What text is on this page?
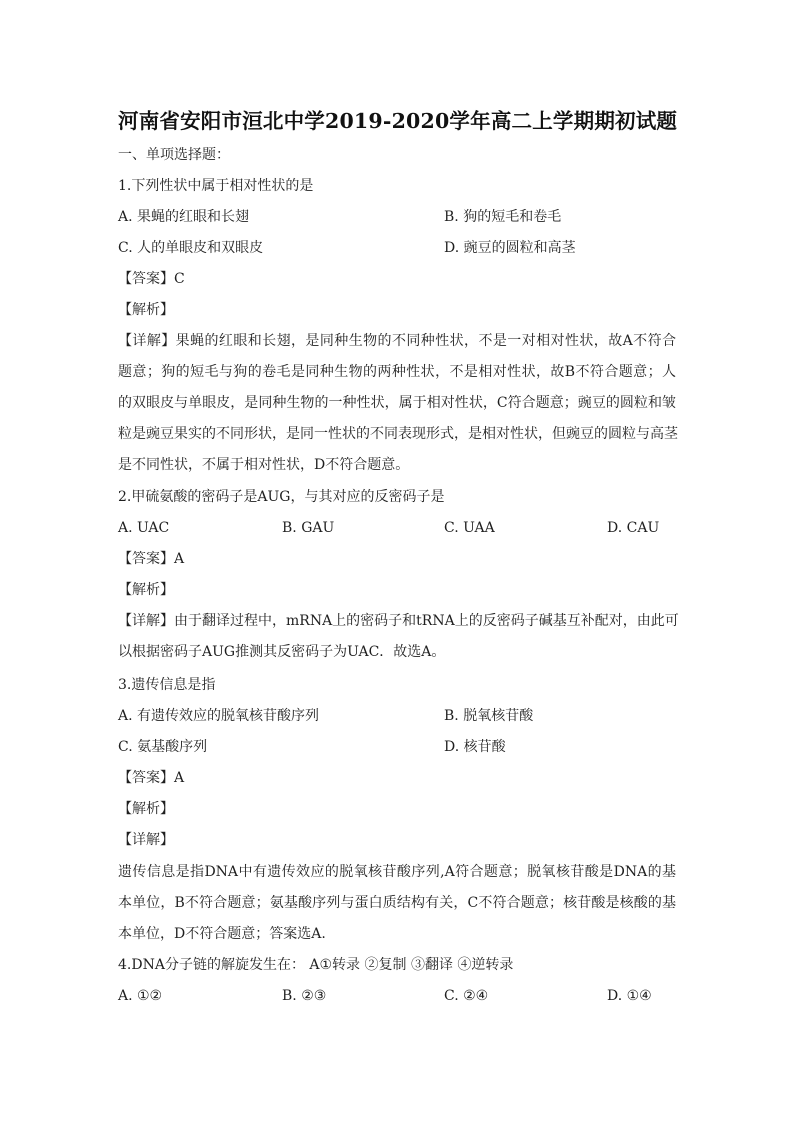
河南省安阳市洹北中学2019-2020学年高二上学期期初试题
一、单项选择题：
1.下列性状中属于相对性状的是
A. 果蝇的红眼和长翅	B. 狗的短毛和卷毛
C. 人的单眼皮和双眼皮	D. 豌豆的圆粒和高茎
【答案】C
【解析】
【详解】果蝇的红眼和长翅，是同种生物的不同种性状，不是一对相对性状，故A不符合
题意；狗的短毛与狗的卷毛是同种生物的两种性状，不是相对性状，故B不符合题意；人
的双眼皮与单眼皮，是同种生物的一种性状，属于相对性状，C符合题意；豌豆的圆粒和皱
粒是豌豆果实的不同形状，是同一性状的不同表现形式，是相对性状，但豌豆的圆粒与高茎
是不同性状，不属于相对性状，D不符合题意。
2.甲硫氨酸的密码子是AUG，与其对应的反密码子是
A. UAC	B. GAU	C. UAA	D. CAU
【答案】A
【解析】
【详解】由于翻译过程中，mRNA上的密码子和tRNA上的反密码子碱基互补配对，由此可
以根据密码子AUG推测其反密码子为UAC．故选A。
3.遗传信息是指
A. 有遗传效应的脱氧核苷酸序列	B. 脱氧核苷酸
C. 氨基酸序列	D. 核苷酸
【答案】A
【解析】
【详解】
遗传信息是指DNA中有遗传效应的脱氧核苷酸序列,A符合题意；脱氧核苷酸是DNA的基
本单位，B不符合题意；氨基酸序列与蛋白质结构有关，C不符合题意；核苷酸是核酸的基
本单位，D不符合题意；答案选A.
4.DNA分子链的解旋发生在： A①转录 ②复制 ③翻译 ④逆转录
A. ①②	B. ②③	C. ②④	D. ①④
